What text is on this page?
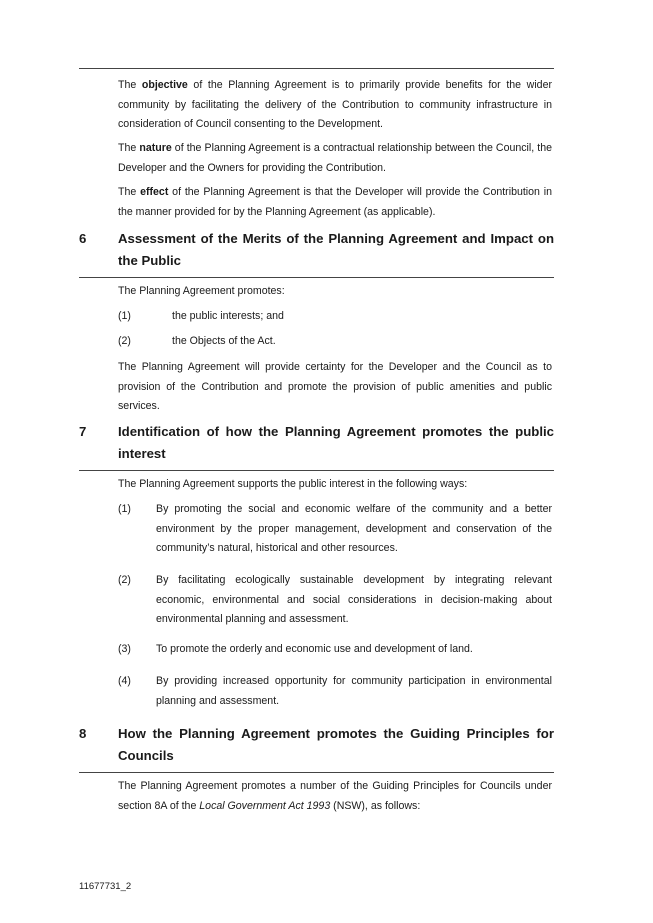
The objective of the Planning Agreement is to primarily provide benefits for the wider community by facilitating the delivery of the Contribution to community infrastructure in consideration of Council consenting to the Development.

The nature of the Planning Agreement is a contractual relationship between the Council, the Developer and the Owners for providing the Contribution.

The effect of the Planning Agreement is that the Developer will provide the Contribution in the manner provided for by the Planning Agreement (as applicable).

6 Assessment of the Merits of the Planning Agreement and Impact on the Public

The Planning Agreement promotes:

(1)	the public interests; and
(2)	the Objects of the Act.

The Planning Agreement will provide certainty for the Developer and the Council as to provision of the Contribution and promote the provision of public amenities and public services.

7 Identification of how the Planning Agreement promotes the public interest

The Planning Agreement supports the public interest in the following ways:

(1) By promoting the social and economic welfare of the community and a better environment by the proper management, development and conservation of the community’s natural, historical and other resources.
(2) By facilitating ecologically sustainable development by integrating relevant economic, environmental and social considerations in decision-making about environmental planning and assessment.
(3) To promote the orderly and economic use and development of land.
(4) By providing increased opportunity for community participation in environmental planning and assessment.
8 How the Planning Agreement promotes the Guiding Principles for Councils

The Planning Agreement promotes a number of the Guiding Principles for Councils under section 8A of the Local Government Act 1993 (NSW), as follows:

11677731_2
